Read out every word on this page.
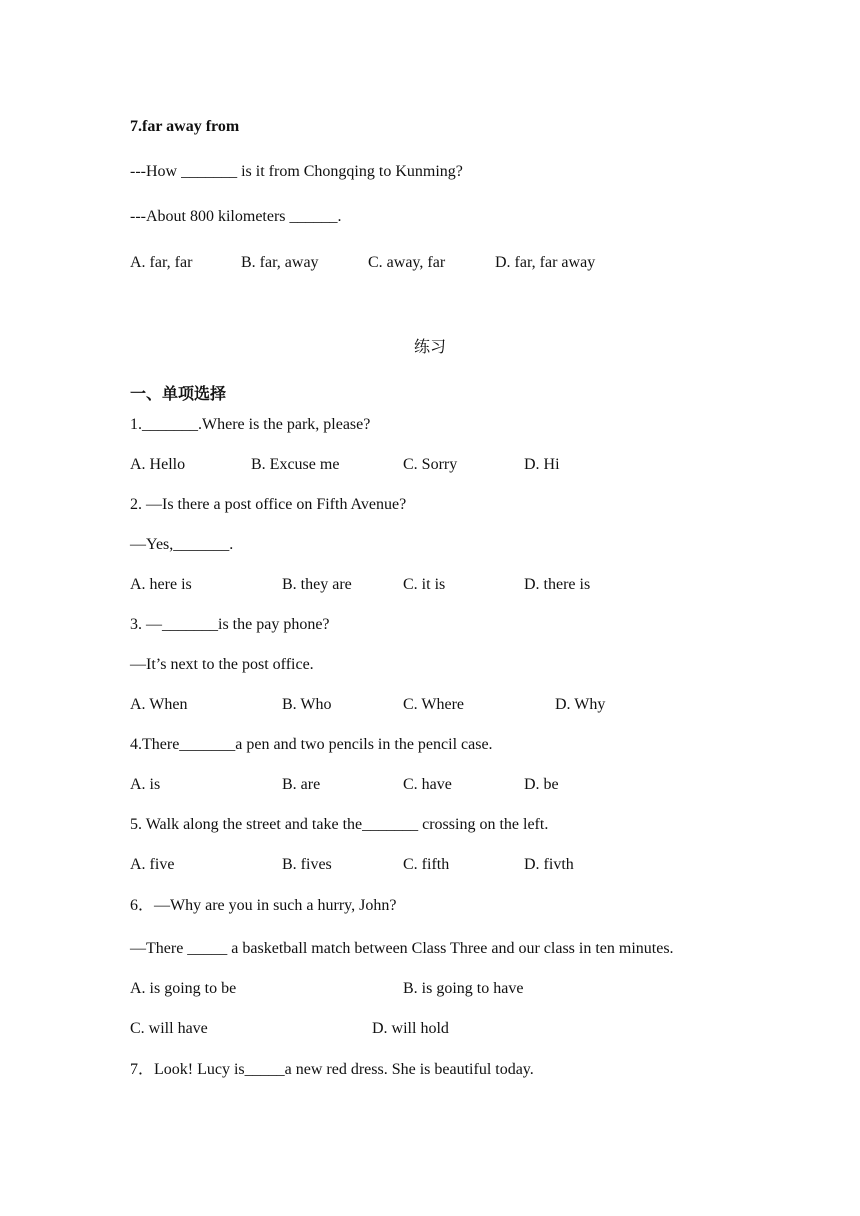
7.far away from
---How _______ is it from Chongqing to Kunming?
---About 800 kilometers ______.
A. far, far	B. far, away	C. away, far	D. far, far away
练习
一、单项选择
1._______.Where is the park, please?
A. Hello	B. Excuse me	C. Sorry	D. Hi
2. —Is there a post office on Fifth Avenue?
—Yes,_______.
A. here is	B. they are	C. it is	D. there is
3. —_______is the pay phone?
—It’s next to the post office.
A. When	B. Who	C. Where	D. Why
4.There_______a pen and two pencils in the pencil case.
A. is	B. are	C. have	D. be
5. Walk along the street and take the_______ crossing on the left.
A. five	B. fives	C. fifth	D. fivth
6．—Why are you in such a hurry, John?
—There _____ a basketball match between Class Three and our class in ten minutes.
A. is going to be	B. is going to have
C. will have	D. will hold
7．Look! Lucy is_____a new red dress. She is beautiful today.
